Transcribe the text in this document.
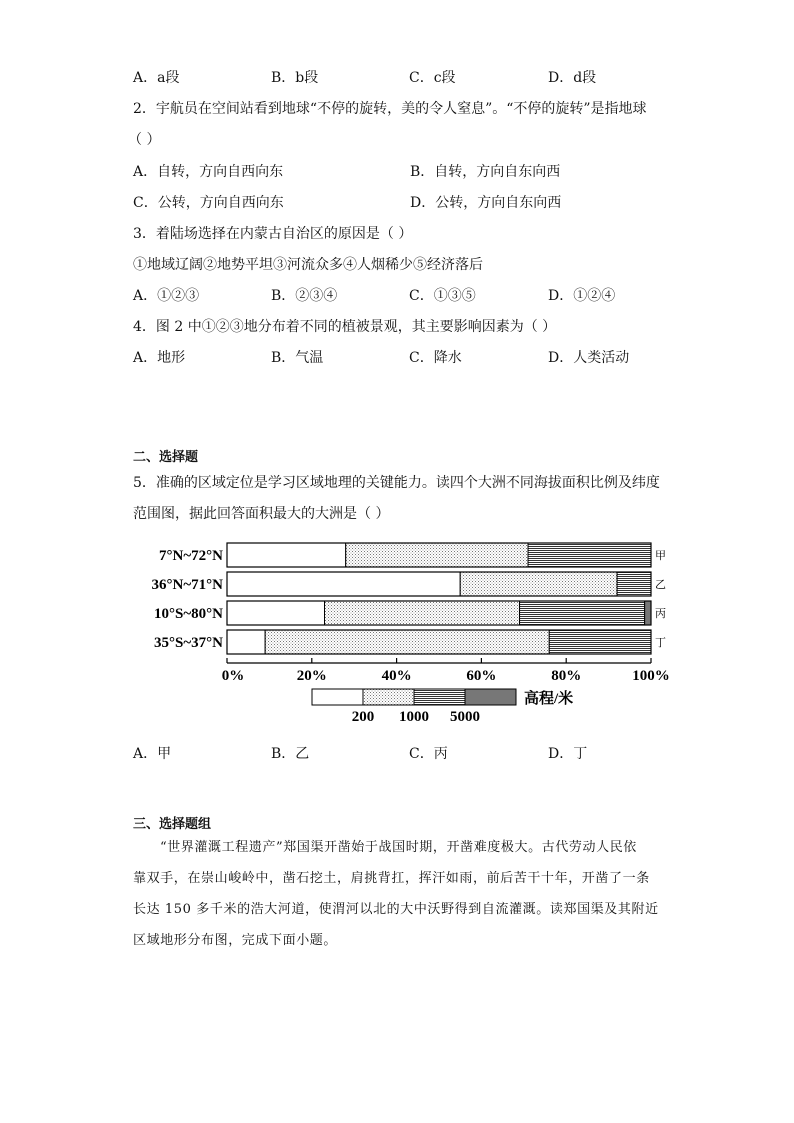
A．a段	B．b段	C．c段	D．d段
2．宇航员在空间站看到地球“不停的旋转，美的令人窒息”。“不停的旋转”是指地球
（ ）
A．自转，方向自西向东	B．自转，方向自东向西
C．公转，方向自西向东	D．公转，方向自东向西
3．着陆场选择在内蒙古自治区的原因是（ ）
①地域辽阔②地势平坦③河流众多④人烟稀少⑤经济落后
A．①②③	B．②③④	C．①③⑤	D．①②④
4．图 2 中①②③地分布着不同的植被景观，其主要影响因素为（ ）
A．地形	B．气温	C．降水	D．人类活动
二、选择题
5．准确的区域定位是学习区域地理的关键能力。读四个大洲不同海拔面积比例及纬度
范围图，据此回答面积最大的大洲是（ ）
7°N~72°N	甲
36°N~71°N	乙
10°S~80°N	丙
35°S~37°N	丁
0%	20%	40%	60%	80%	100%
200 1000 5000
高程/米
A．甲	B．乙	C．丙	D．丁
三、选择题组
“世界灌溉工程遗产”郑国渠开凿始于战国时期，开凿难度极大。古代劳动人民依
靠双手，在崇山峻岭中，凿石挖土，肩挑背扛，挥汗如雨，前后苦干十年，开凿了一条
长达 150 多千米的浩大河道，使渭河以北的大中沃野得到自流灌溉。读郑国渠及其附近
区域地形分布图，完成下面小题。
